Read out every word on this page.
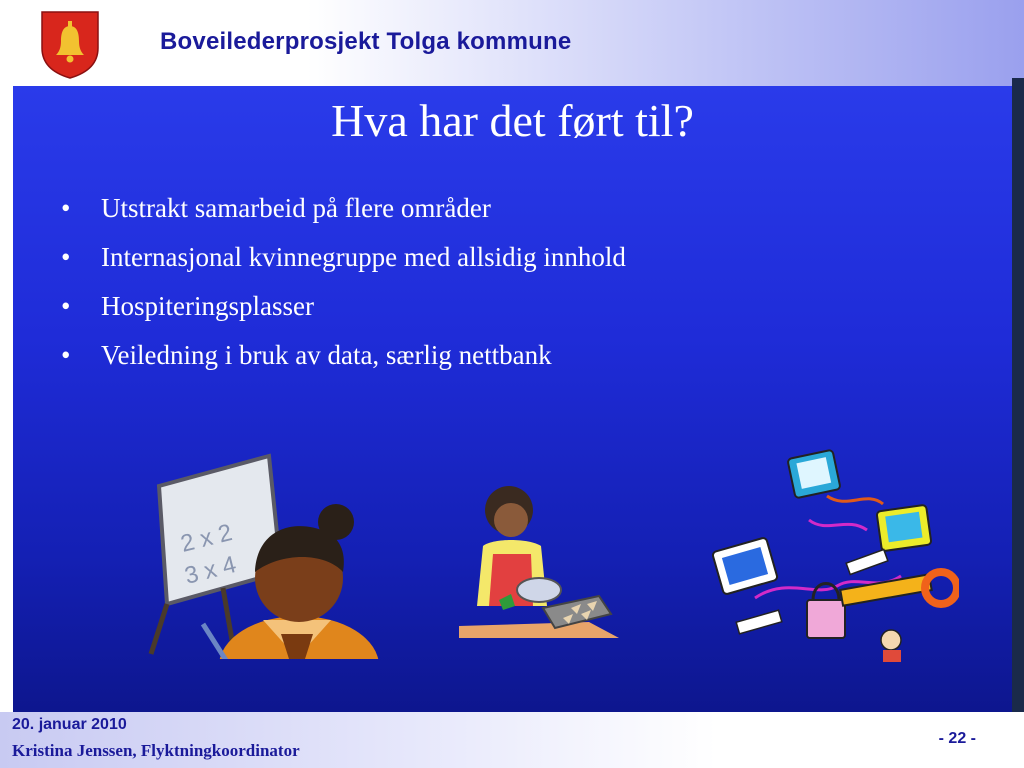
Boveilederprosjekt Tolga kommune
Hva har det ført til?
• Utstrakt samarbeid på flere områder
• Internasjonal kvinnegruppe med allsidig innhold
• Hospiteringsplasser
• Veiledning i bruk av data, særlig nettbank
2 x 2
3 x 4
20. januar 2010
Kristina Jenssen, Flyktningkoordinator
- 22 -
